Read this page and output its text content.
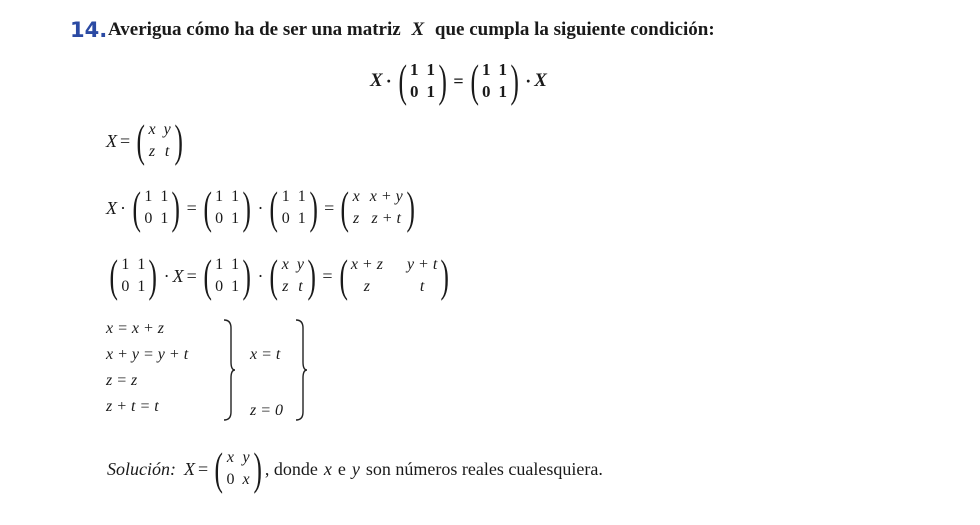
14. Averigua cómo ha de ser una matriz X que cumpla la siguiente condición:
X · ( 1 1
0 1 ) = ( 1 1
0 1 ) · X
X = ( x y
z t )
X · ( 1 1
0 1 ) = ( 1 1
0 1 ) · ( 1 1
0 1 ) = ( x x + y
z z + t )
( 1 1
0 1 ) · X = ( 1 1
0 1 ) · ( x y
z t ) = ( x + z y + t
z	t )
x = x + z
x + y = y + t
z = z
z + t = t
x = t
z = 0
Solución: X = ( x y
0 x ) , donde x e y son números reales cualesquiera.
